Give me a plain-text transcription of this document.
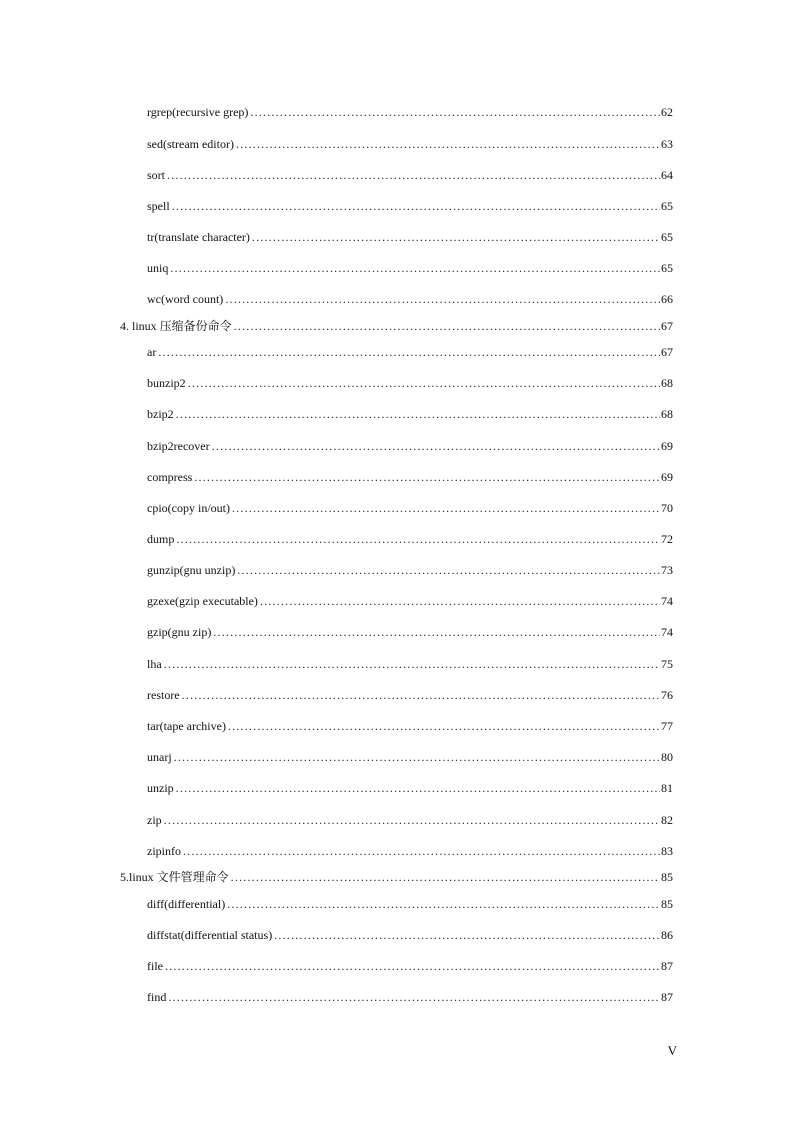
rgrep(recursive grep) .....	62
sed(stream editor) .....	63
sort .....	64
spell .....	65
tr(translate character) .....	65
uniq .....	65
wc(word count) .....	66
4. linux 压缩备份命令 .....	67
ar .....	67
bunzip2 .....	68
bzip2 .....	68
bzip2recover .....	69
compress .....	69
cpio(copy in/out) .....	70
dump .....	72
gunzip(gnu unzip) .....	73
gzexe(gzip executable) .....	74
gzip(gnu zip) .....	74
lha .....	75
restore .....	76
tar(tape archive) .....	77
unarj .....	80
unzip .....	81
zip .....	82
zipinfo .....	83
5.linux 文件管理命令 .....	85
diff(differential) .....	85
diffstat(differential status) .....	86
file .....	87
find .....	87
V
